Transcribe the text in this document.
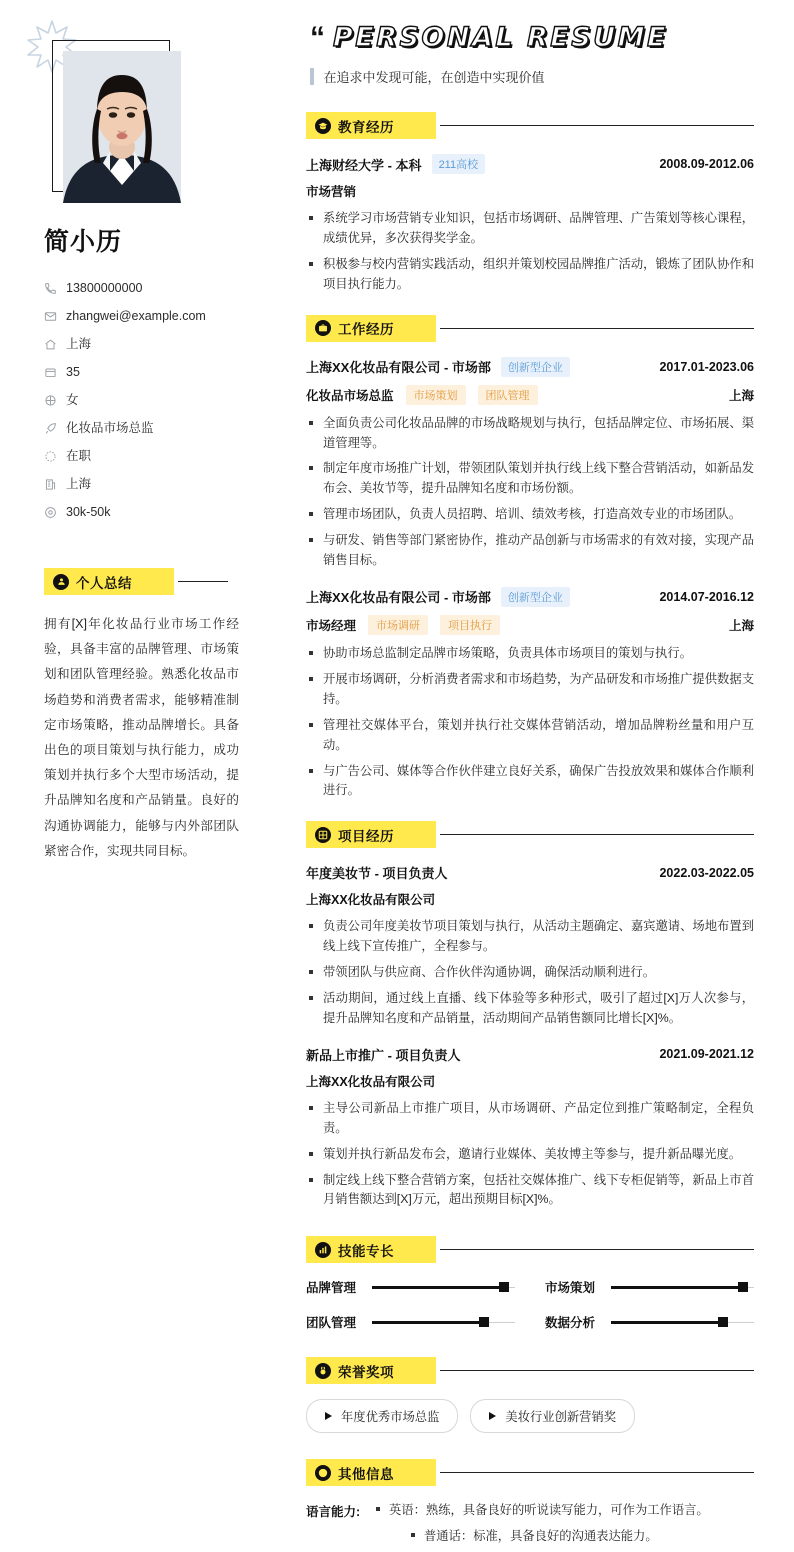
简小历
13800000000
zhangwei@example.com
上海
35
女
化妆品市场总监
在职
上海
30k-50k
个人总结

拥有[X]年化妆品行业市场工作经验，具备丰富的品牌管理、市场策划和团队管理经验。熟悉化妆品市场趋势和消费者需求，能够精准制定市场策略，推动品牌增长。具备出色的项目策划与执行能力，成功策划并执行多个大型市场活动，提升品牌知名度和产品销量。良好的沟通协调能力，能够与内外部团队紧密合作，实现共同目标。

“ PERSONAL RESUME
在追求中发现可能，在创造中实现价值
教育经历
上海财经大学 - 本科	211高校	2008.09-2012.06
市场营销
系统学习市场营销专业知识，包括市场调研、品牌管理、广告策划等核心课程，成绩优异，多次获得奖学金。
积极参与校内营销实践活动，组织并策划校园品牌推广活动，锻炼了团队协作和项目执行能力。
工作经历
上海XX化妆品有限公司 - 市场部	创新型企业	2017.01-2023.06
化妆品市场总监	市场策划	团队管理	上海
全面负责公司化妆品品牌的市场战略规划与执行，包括品牌定位、市场拓展、渠道管理等。
制定年度市场推广计划，带领团队策划并执行线上线下整合营销活动，如新品发布会、美妆节等，提升品牌知名度和市场份额。
管理市场团队，负责人员招聘、培训、绩效考核，打造高效专业的市场团队。
与研发、销售等部门紧密协作，推动产品创新与市场需求的有效对接，实现产品销售目标。
上海XX化妆品有限公司 - 市场部	创新型企业	2014.07-2016.12
市场经理	市场调研	项目执行	上海
协助市场总监制定品牌市场策略，负责具体市场项目的策划与执行。
开展市场调研，分析消费者需求和市场趋势，为产品研发和市场推广提供数据支持。
管理社交媒体平台，策划并执行社交媒体营销活动，增加品牌粉丝量和用户互动。
与广告公司、媒体等合作伙伴建立良好关系，确保广告投放效果和媒体合作顺利进行。
项目经历
年度美妆节 - 项目负责人	2022.03-2022.05
上海XX化妆品有限公司
负责公司年度美妆节项目策划与执行，从活动主题确定、嘉宾邀请、场地布置到线上线下宣传推广，全程参与。
带领团队与供应商、合作伙伴沟通协调，确保活动顺利进行。
活动期间，通过线上直播、线下体验等多种形式，吸引了超过[X]万人次参与，提升品牌知名度和产品销量，活动期间产品销售额同比增长[X]%。
新品上市推广 - 项目负责人	2021.09-2021.12
上海XX化妆品有限公司
主导公司新品上市推广项目，从市场调研、产品定位到推广策略制定，全程负责。
策划并执行新品发布会，邀请行业媒体、美妆博主等参与，提升新品曝光度。
制定线上线下整合营销方案，包括社交媒体推广、线下专柜促销等，新品上市首月销售额达到[X]万元，超出预期目标[X]%。
技能专长
品牌管理	市场策划
团队管理	数据分析
荣誉奖项
年度优秀市场总监	美妆行业创新营销奖
其他信息
语言能力:	英语：熟练，具备良好的听说读写能力，可作为工作语言。
普通话：标准，具备良好的沟通表达能力。
